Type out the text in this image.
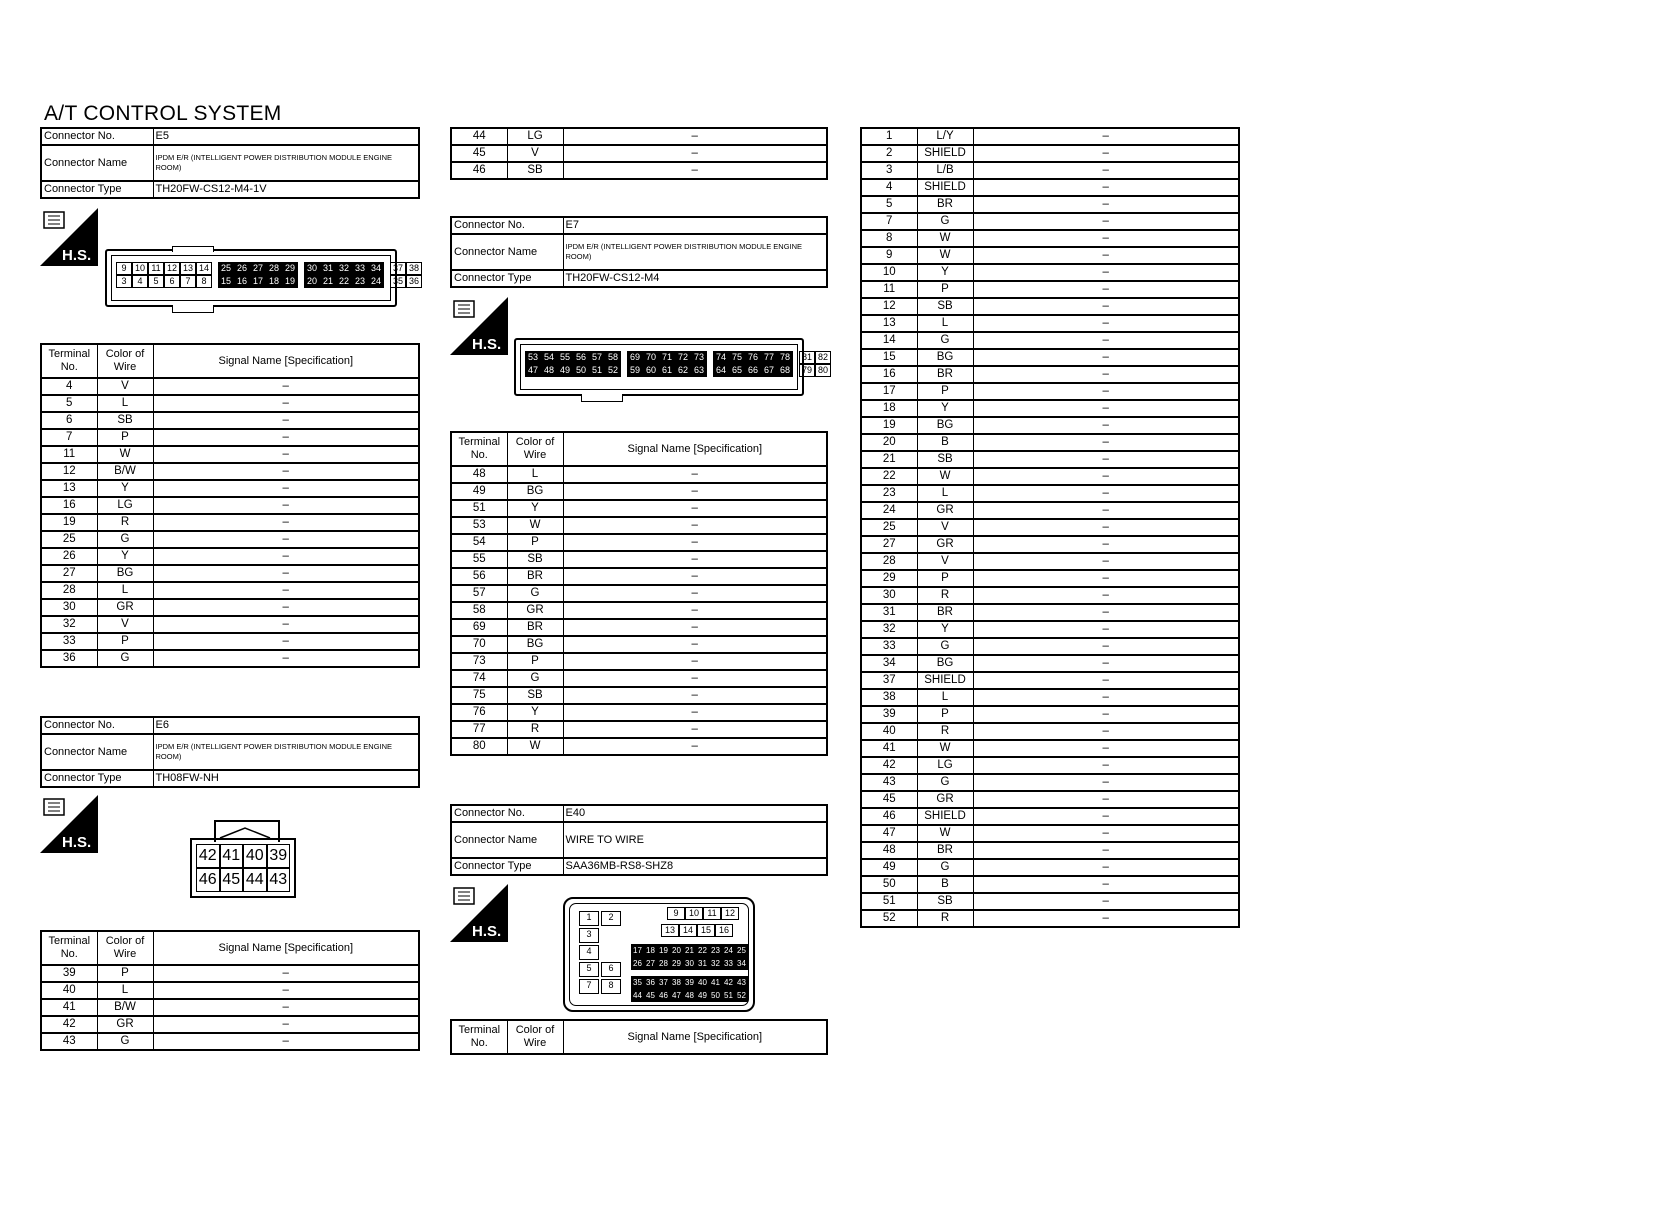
A/T CONTROL SYSTEM
Connector No.	E5
Connector Name	IPDM E/R (INTELLIGENT POWER DISTRIBUTION MODULE ENGINE ROOM)
Connector Type	TH20FW-CS12-M4-1V
H.S.
9 10 11 12 13 14	25 26 27 28 29	30 31 32 33 34	37 38
3	4	5	6	7	8	15 16 17 18 19	20 21 22 23 24	35 36
Terminal No.	Color of Wire	Signal Name [Specification]
4	V	–
5	L	–
6	SB	–
7	P	–
11	W	–
12	B/W	–
13	Y	–
16	LG	–
19	R	–
25	G	–
26	Y	–
27	BG	–
28	L	–
30	GR	–
32	V	–
33	P	–
36	G	–
Connector No.	E6
Connector Name	IPDM E/R (INTELLIGENT POWER DISTRIBUTION MODULE ENGINE ROOM)
Connector Type	TH08FW-NH
H.S.
42 41 40 39
46 45 44 43
Terminal No.	Color of Wire	Signal Name [Specification]
39	P	–
40	L	–
41	B/W	–
42	GR	–
43	G	–
44	LG	–
45	V	–
46	SB	–
Connector No.	E7
Connector Name	IPDM E/R (INTELLIGENT POWER DISTRIBUTION MODULE ENGINE ROOM)
Connector Type	TH20FW-CS12-M4
H.S.
53 54 55 56 57 58	69 70 71 72 73	74 75 76 77 78	81 82
47 48 49 50 51 52	59 60 61 62 63	64 65 66 67 68	79 80
Terminal No.	Color of Wire	Signal Name [Specification]
48	L	–
49	BG	–
51	Y	–
53	W	–
54	P	–
55	SB	–
56	BR	–
57	G	–
58	GR	–
69	BR	–
70	BG	–
73	P	–
74	G	–
75	SB	–
76	Y	–
77	R	–
80	W	–
Connector No.	E40
Connector Name	WIRE TO WIRE
Connector Type	SAA36MB-RS8-SHZ8
H.S.
1	2
3
4
5	6
7	8
9	10 11 12
13 14 15 16
17 18 19 20 21 22 23 24 25
26 27 28 29 30 31 32 33 34
35 36 37 38 39 40 41 42 43
44 45 46 47 48 49 50 51 52
Terminal No.	Color of Wire	Signal Name [Specification]
1	L/Y	–
2	SHIELD	–
3	L/B	–
4	SHIELD	–
5	BR	–
7	G	–
8	W	–
9	W	–
10	Y	–
11	P	–
12	SB	–
13	L	–
14	G	–
15	BG	–
16	BR	–
17	P	–
18	Y	–
19	BG	–
20	B	–
21	SB	–
22	W	–
23	L	–
24	GR	–
25	V	–
27	GR	–
28	V	–
29	P	–
30	R	–
31	BR	–
32	Y	–
33	G	–
34	BG	–
37	SHIELD	–
38	L	–
39	P	–
40	R	–
41	W	–
42	LG	–
43	G	–
45	GR	–
46	SHIELD	–
47	W	–
48	BR	–
49	G	–
50	B	–
51	SB	–
52	R	–
